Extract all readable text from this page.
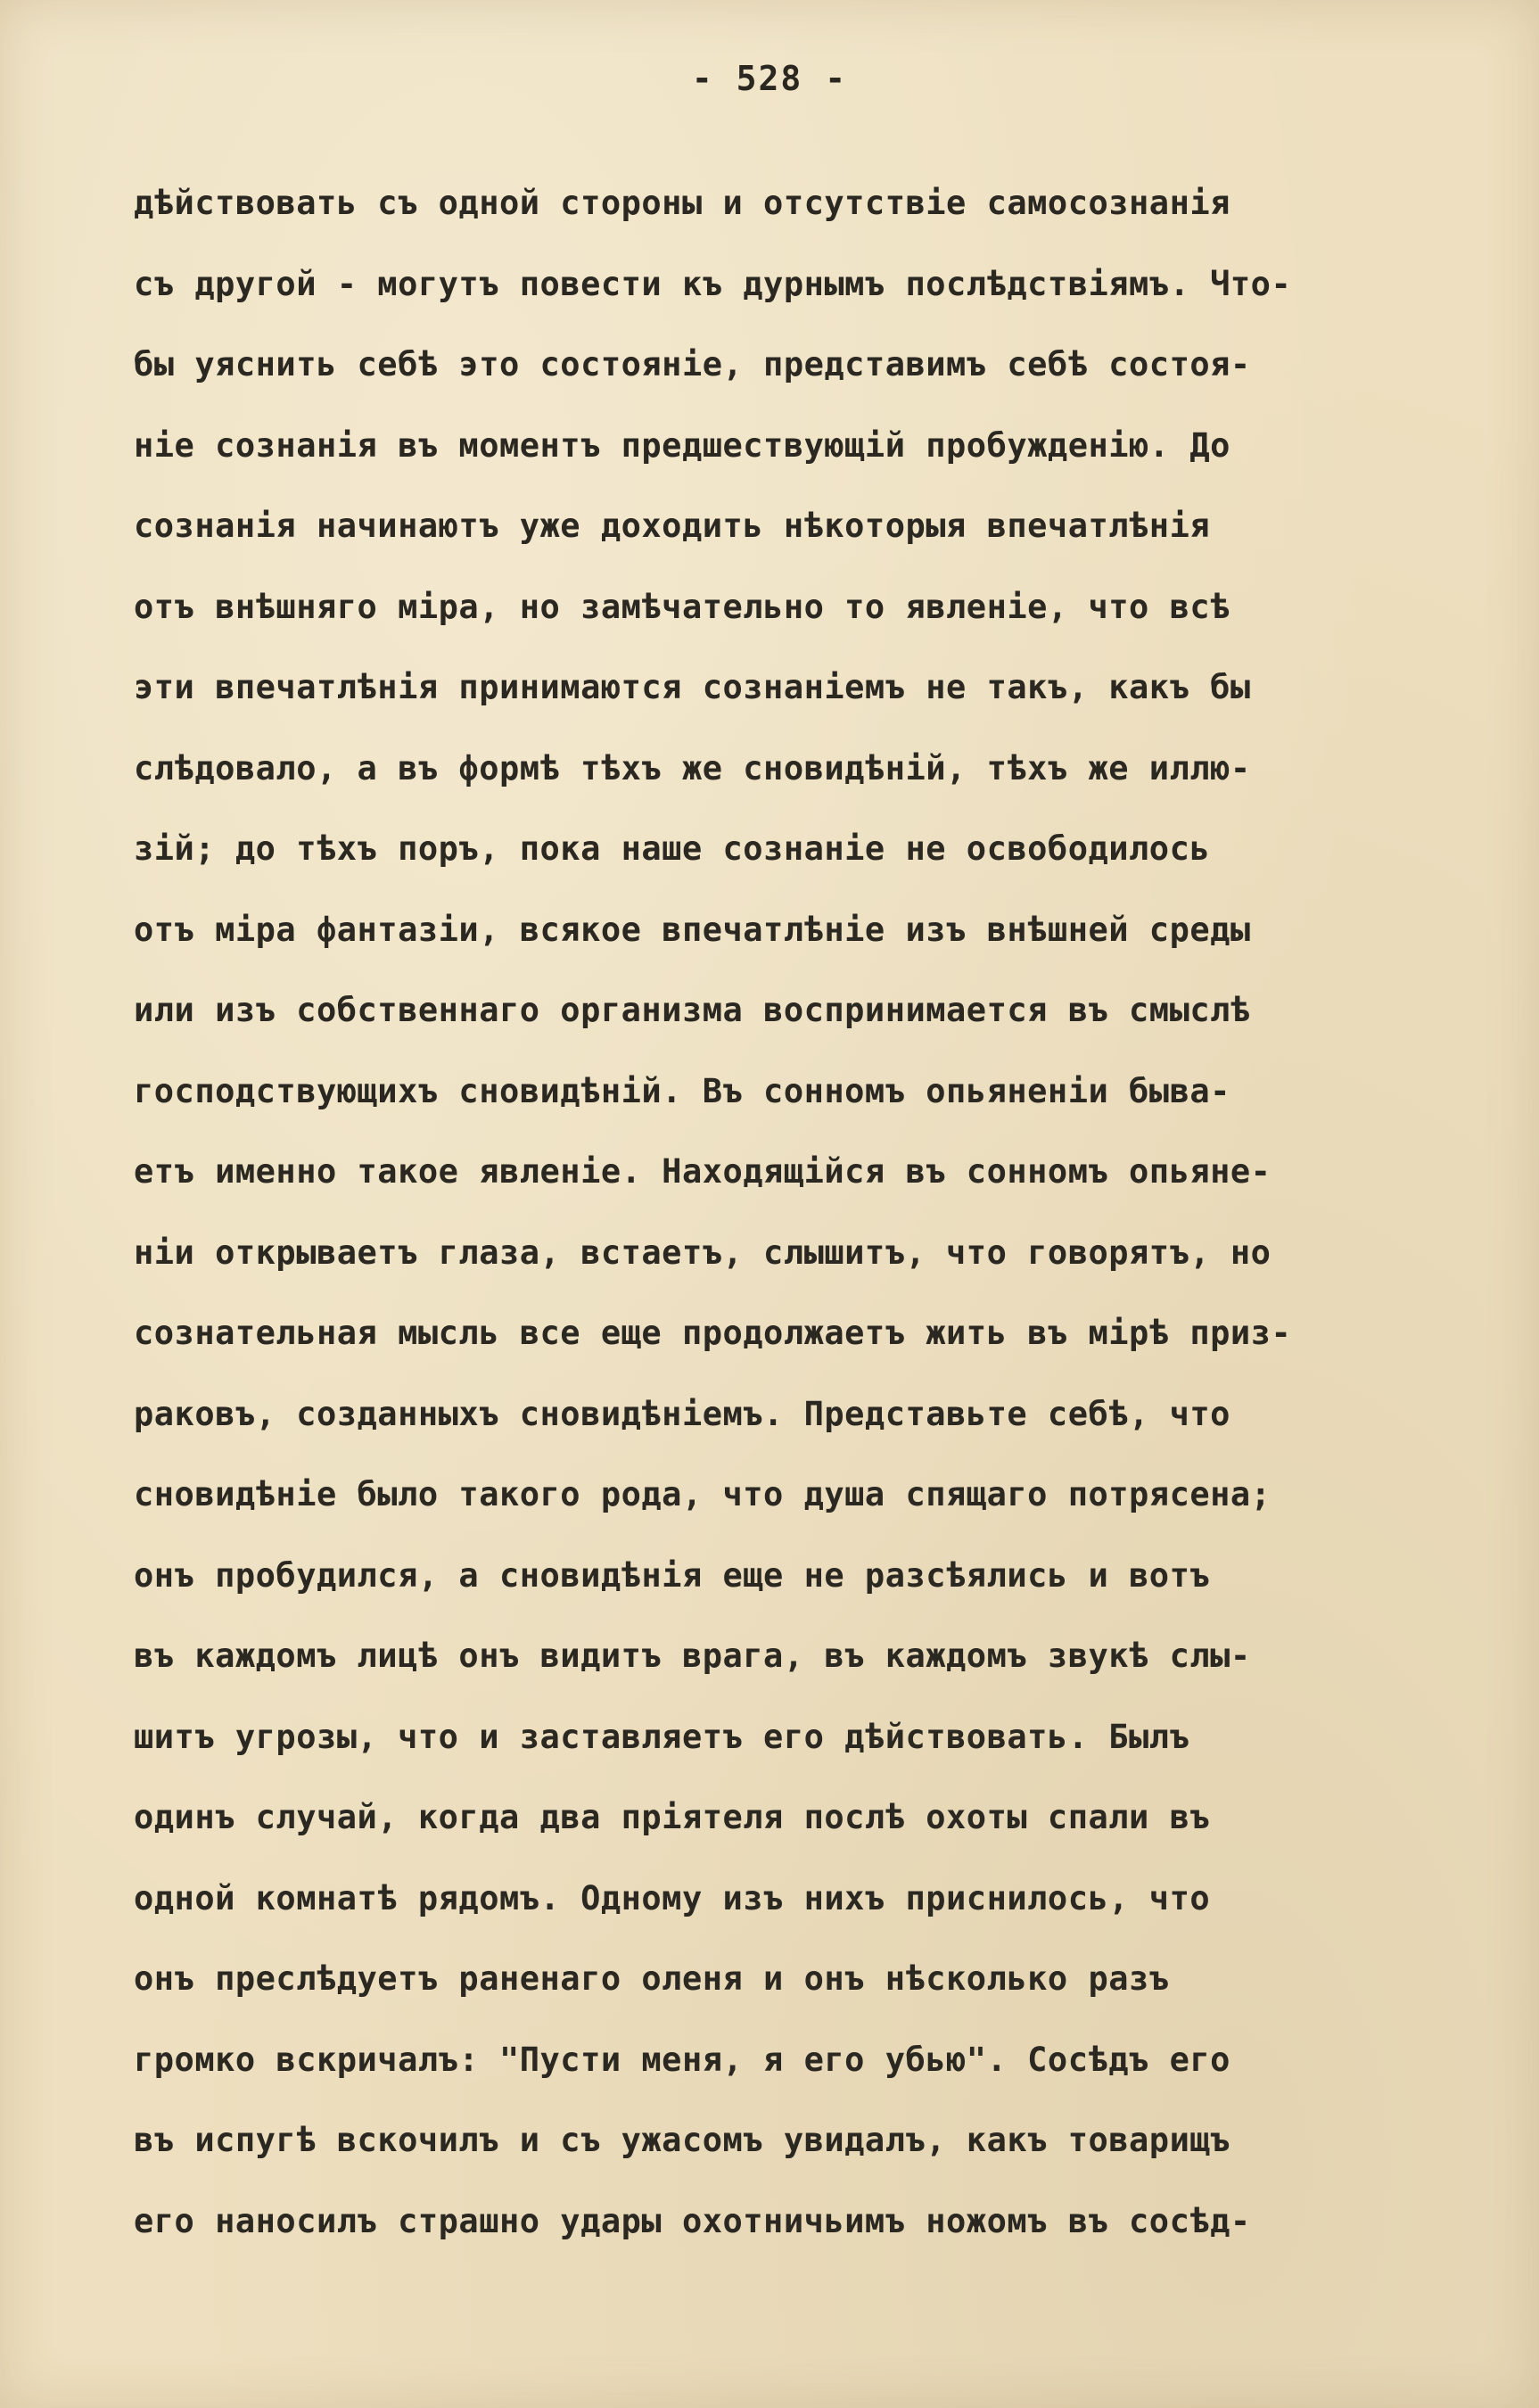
- 528 -
дѣйствовать съ одной стороны и отсутствіе самосознанія
съ другой - могутъ повести къ дурнымъ послѣдствіямъ. Что-
бы уяснить себѣ это состояніе, представимъ себѣ состоя-
ніе сознанія въ моментъ предшествующій пробужденію. До
сознанія начинаютъ уже доходить нѣкоторыя впечатлѣнія
отъ внѣшняго міра, но замѣчательно то явленіе, что всѣ
эти впечатлѣнія принимаются сознаніемъ не такъ, какъ бы
слѣдовало, а въ формѣ тѣхъ же сновидѣній, тѣхъ же иллю-
зій; до тѣхъ поръ, пока наше сознаніе не освободилось
отъ міра фантазіи, всякое впечатлѣніе изъ внѣшней среды
или изъ собственнаго организма воспринимается въ смыслѣ
господствующихъ сновидѣній. Въ сонномъ опьяненіи быва-
етъ именно такое явленіе. Находящійся въ сонномъ опьяне-
ніи открываетъ глаза, встаетъ, слышитъ, что говорятъ, но
сознательная мысль все еще продолжаетъ жить въ мірѣ приз-
раковъ, созданныхъ сновидѣніемъ. Представьте себѣ, что
сновидѣніе было такого рода, что душа спящаго потрясена;
онъ пробудился, а сновидѣнія еще не разсѣялись и вотъ
въ каждомъ лицѣ онъ видитъ врага, въ каждомъ звукѣ слы-
шитъ угрозы, что и заставляетъ его дѣйствовать. Былъ
одинъ случай, когда два пріятеля послѣ охоты спали въ
одной комнатѣ рядомъ. Одному изъ нихъ приснилось, что
онъ преслѣдуетъ раненаго оленя и онъ нѣсколько разъ
громко вскричалъ: "Пусти меня, я его убью". Сосѣдъ его
въ испугѣ вскочилъ и съ ужасомъ увидалъ, какъ товарищъ
его наносилъ страшно удары охотничьимъ ножомъ въ сосѣд-
